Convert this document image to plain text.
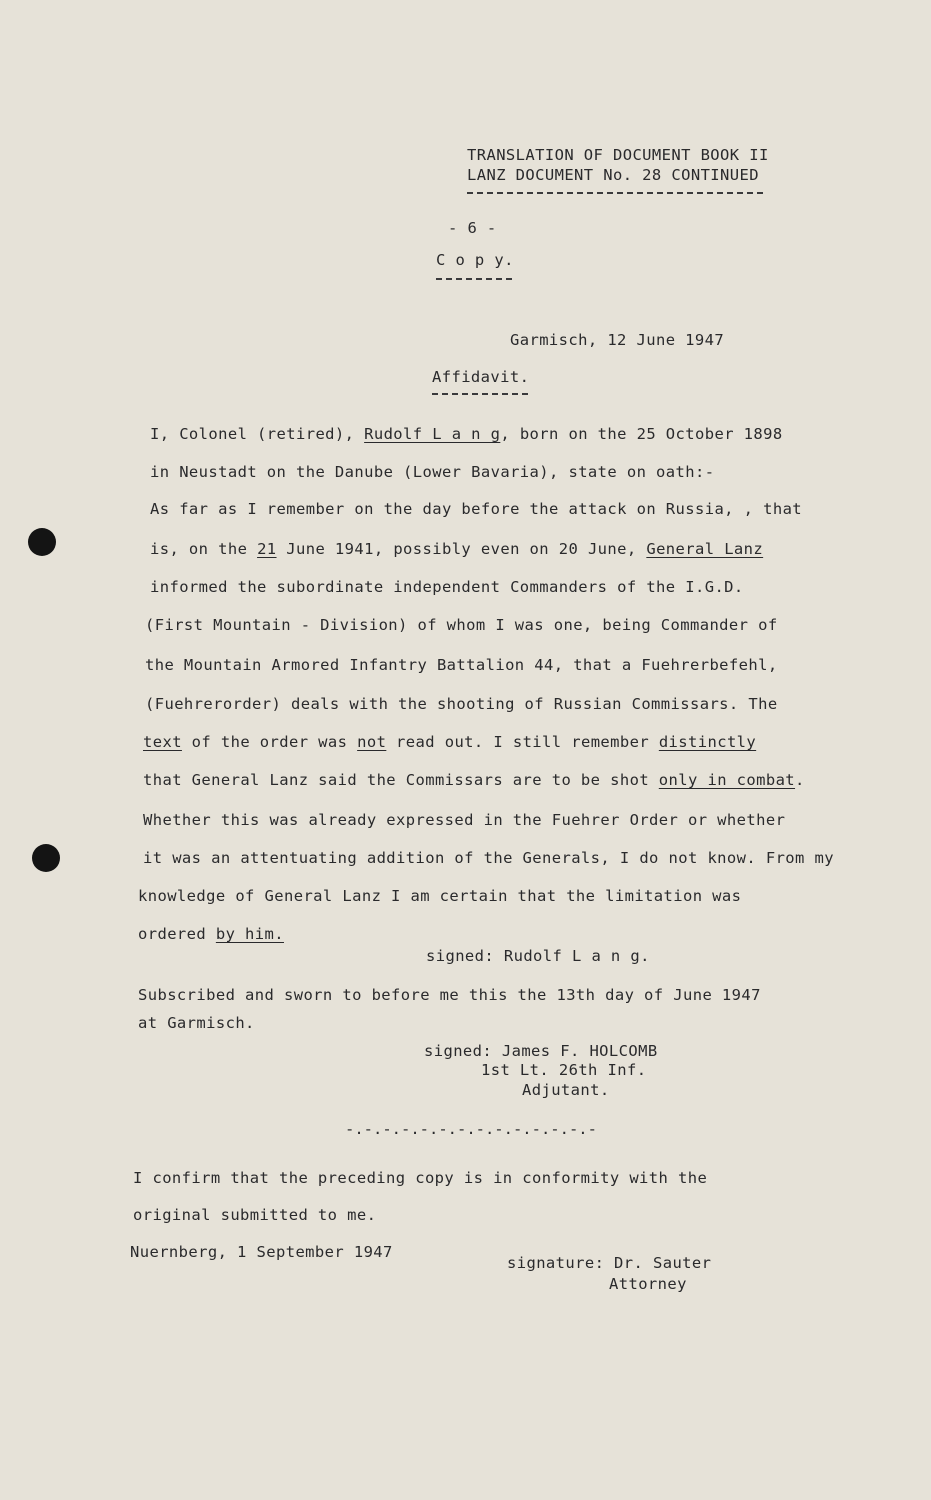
TRANSLATION OF DOCUMENT BOOK II
LANZ DOCUMENT No. 28 CONTINUED
- 6 -
C o p y.
Garmisch, 12 June 1947
Affidavit.
I, Colonel (retired), Rudolf L a n g, born on the 25 October 1898
in Neustadt on the Danube (Lower Bavaria), state on oath:-
As far as I remember on the day before the attack on Russia, , that
is, on the 21 June 1941, possibly even on 20 June, General Lanz
informed the subordinate independent Commanders of the I.G.D.
(First Mountain - Division) of whom I was one, being Commander of
the Mountain Armored Infantry Battalion 44, that a Fuehrerbefehl,
(Fuehrerorder) deals with the shooting of Russian Commissars. The
text of the order was not read out. I still remember distinctly
that General Lanz said the Commissars are to be shot only in combat.
Whether this was already expressed in the Fuehrer Order or whether
it was an attentuating addition of the Generals, I do not know. From my
knowledge of General Lanz I am certain that the limitation was
ordered by him.
signed: Rudolf L a n g.
Subscribed and sworn to before me this the 13th day of June 1947
at Garmisch.
signed: James F. HOLCOMB
1st Lt. 26th Inf.
Adjutant.
-.-.-.-.-.-.-.-.-.-.-.-.-.-
I confirm that the preceding copy is in conformity with the
original submitted to me.
Nuernberg, 1 September 1947
signature: Dr. Sauter
Attorney
